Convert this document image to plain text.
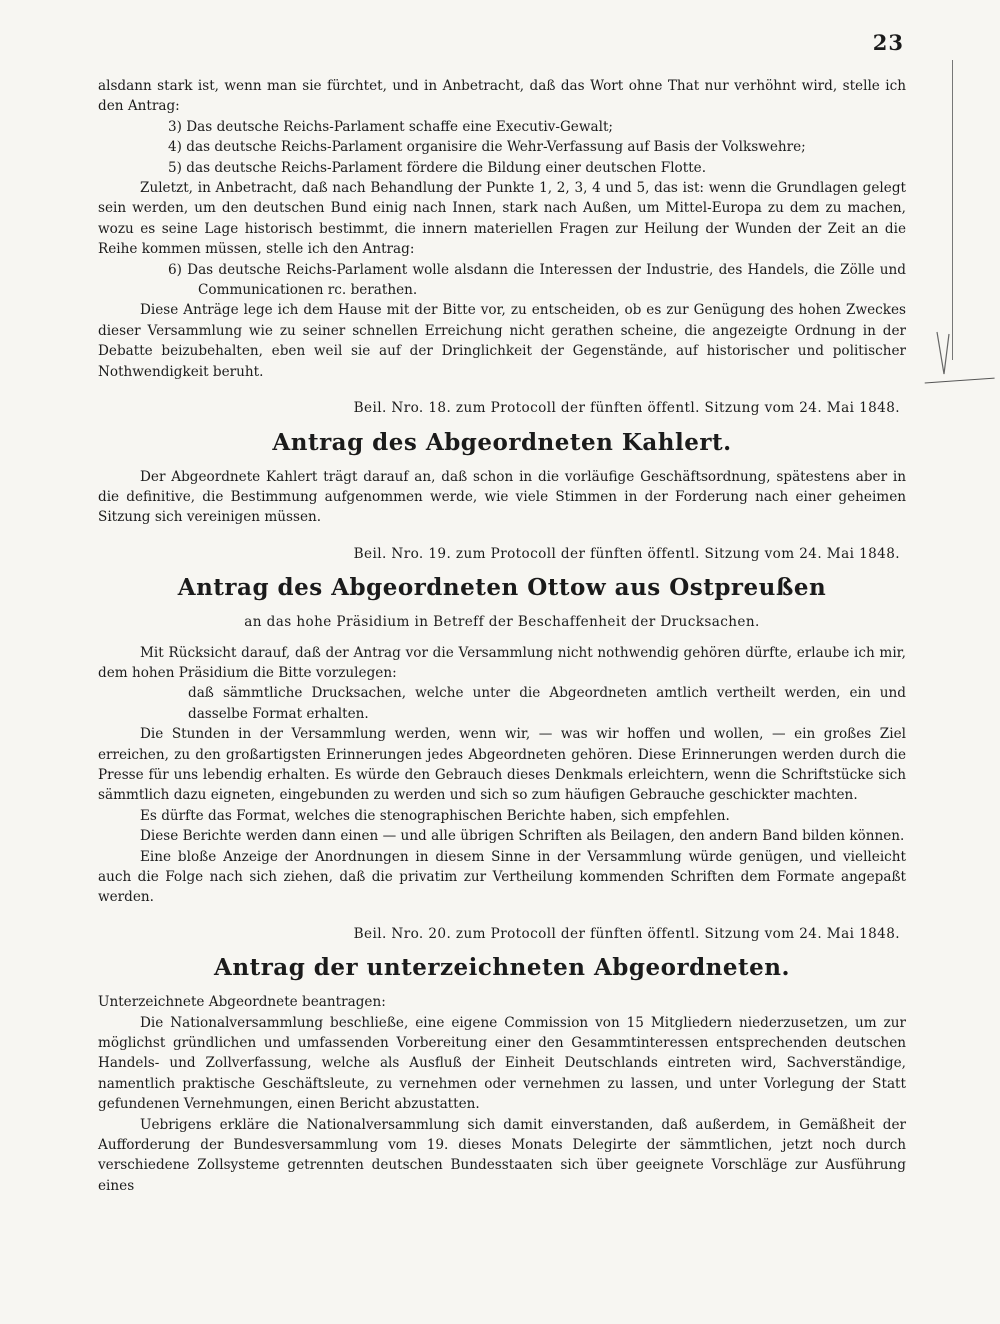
23

alsdann stark ist, wenn man sie fürchtet, und in Anbetracht, daß das Wort ohne That nur verhöhnt wird, stelle ich den Antrag:

3) Das deutsche Reichs-Parlament schaffe eine Executiv-Gewalt;

4) das deutsche Reichs-Parlament organisire die Wehr-Verfassung auf Basis der Volkswehre;

5) das deutsche Reichs-Parlament fördere die Bildung einer deutschen Flotte.

Zuletzt, in Anbetracht, daß nach Behandlung der Punkte 1, 2, 3, 4 und 5, das ist: wenn die Grundlagen gelegt sein werden, um den deutschen Bund einig nach Innen, stark nach Außen, um Mittel-Europa zu dem zu machen, wozu es seine Lage historisch bestimmt, die innern materiellen Fragen zur Heilung der Wunden der Zeit an die Reihe kommen müssen, stelle ich den Antrag:

6) Das deutsche Reichs-Parlament wolle alsdann die Interessen der Industrie, des Handels, die Zölle und Communicationen rc. berathen.

Diese Anträge lege ich dem Hause mit der Bitte vor, zu entscheiden, ob es zur Genügung des hohen Zweckes dieser Versammlung wie zu seiner schnellen Erreichung nicht gerathen scheine, die angezeigte Ordnung in der Debatte beizubehalten, eben weil sie auf der Dringlichkeit der Gegenstände, auf historischer und politischer Nothwendigkeit beruht.

Beil. Nro. 18. zum Protocoll der fünften öffentl. Sitzung vom 24. Mai 1848.

Antrag des Abgeordneten Kahlert.

Der Abgeordnete Kahlert trägt darauf an, daß schon in die vorläufige Geschäftsordnung, spätestens aber in die definitive, die Bestimmung aufgenommen werde, wie viele Stimmen in der Forderung nach einer geheimen Sitzung sich vereinigen müssen.

Beil. Nro. 19. zum Protocoll der fünften öffentl. Sitzung vom 24. Mai 1848.

Antrag des Abgeordneten Ottow aus Ostpreußen

an das hohe Präsidium in Betreff der Beschaffenheit der Drucksachen.

Mit Rücksicht darauf, daß der Antrag vor die Versammlung nicht nothwendig gehören dürfte, erlaube ich mir, dem hohen Präsidium die Bitte vorzulegen:

daß sämmtliche Drucksachen, welche unter die Abgeordneten amtlich vertheilt werden, ein und dasselbe Format erhalten.

Die Stunden in der Versammlung werden, wenn wir, — was wir hoffen und wollen, — ein großes Ziel erreichen, zu den großartigsten Erinnerungen jedes Abgeordneten gehören. Diese Erinnerungen werden durch die Presse für uns lebendig erhalten. Es würde den Gebrauch dieses Denkmals erleichtern, wenn die Schriftstücke sich sämmtlich dazu eigneten, eingebunden zu werden und sich so zum häufigen Gebrauche geschickter machten.

Es dürfte das Format, welches die stenographischen Berichte haben, sich empfehlen.

Diese Berichte werden dann einen — und alle übrigen Schriften als Beilagen, den andern Band bilden können.

Eine bloße Anzeige der Anordnungen in diesem Sinne in der Versammlung würde genügen, und vielleicht auch die Folge nach sich ziehen, daß die privatim zur Vertheilung kommenden Schriften dem Formate angepaßt werden.

Beil. Nro. 20. zum Protocoll der fünften öffentl. Sitzung vom 24. Mai 1848.

Antrag der unterzeichneten Abgeordneten.

Unterzeichnete Abgeordnete beantragen:

Die Nationalversammlung beschließe, eine eigene Commission von 15 Mitgliedern niederzusetzen, um zur möglichst gründlichen und umfassenden Vorbereitung einer den Gesammtinteressen entsprechenden deutschen Handels- und Zollverfassung, welche als Ausfluß der Einheit Deutschlands eintreten wird, Sachverständige, namentlich praktische Geschäftsleute, zu vernehmen oder vernehmen zu lassen, und unter Vorlegung der Statt gefundenen Vernehmungen, einen Bericht abzustatten.

Uebrigens erkläre die Nationalversammlung sich damit einverstanden, daß außerdem, in Gemäßheit der Aufforderung der Bundesversammlung vom 19. dieses Monats Delegirte der sämmtlichen, jetzt noch durch verschiedene Zollsysteme getrennten deutschen Bundesstaaten sich über geeignete Vorschläge zur Ausführung eines
